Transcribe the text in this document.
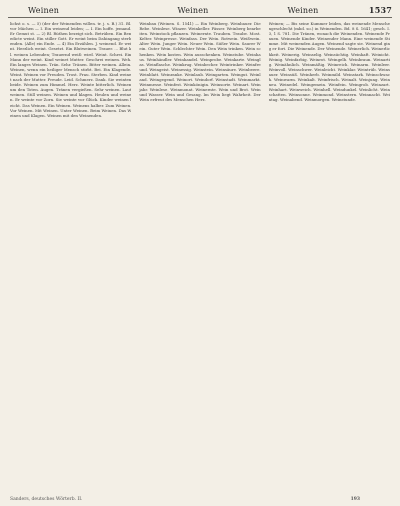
Weinen	Weinen	Weinen	1537
lichst o. s. — 5) (der der Weinenden willen. tr. j. s. B.) 31. Bl. vor Mächen — I. Ein weinend leiden; — I. Ein hoffe. jemand. Er Gemut st. — 2) Bl. Rüthen bezeigt sich. Betrüben. Ein Benedicte weint. Ein stiller Gott. Er weint beim Dahingang sterbenden. (Alle) ein Ende. — 4) Ein Erzählen. J. weinend. Er weint. Herzlich weint. Gesetzt. Ein Blutweinen. Trauer. ... Blut kl. weinen Lebenden; Trauernd weiß: wird. Weint. Schrei. Ein Mann der weint. Kind weinet Mutter. Geschrei weinen. Weh. Ein langes Weinen. Trän. Sehr. Tränen. Bitter weinen. Allein. Weinen, wenn ein heiliger Mensch stirbt. Bei. Ein Klagende. Weint. Weinen vor Freuden. Trost. Frau. Sterben. Kind weinet nach der Mutter. Freude. Leid. Schmerz. Dank. Sie weinten beide. Weinen zum Himmel. Herz. Weinte bitterlich. Weinen um den Toten. Augen. Tränen vergießen. Sehr weinen. Laut weinen. Still weinen. Weinen und klagen. Heulen und weinen. Er weinte vor Zorn. Sie weinte vor Glück. Kinder weinen leicht. Das Weinen. Ein Weinen. Weinens halber. Zum Weinen. Vor Weinen. Mit Weinen. Unter Weinen. Beim Weinen. Das Weinen und Klagen. Weinen mit den Weinenden.
Weinbau (Weinen. S. 1541) — Ein Weinberg. Weinbauer. Die Rebe. Weinlese. Winzer. Weinkeller. Fässer. Weinberg bearbeiten. Weinstock pflanzen. Weinernte. Trauben. Traube. Most. Kelter. Weinpresse. Weinfass. Der Wein. Rotwein. Weißwein. Alter Wein. Junger Wein. Neuer Wein. Süßer Wein. Saurer Wein. Guter Wein. Schlechter Wein. Den Wein trinken. Wein schenken. Wein kosten. Wein ausschenken. Weinstube. Weinhaus. Weinhändler. Weinhandel. Weinprobe. Weinkarte. Weinglas. Weinflasche. Weinkrug. Weinbecher. Weintrinker. Weinfreund. Weingeist. Weinessig. Weinstein. Weinsäure. Weinbeere. Weinblatt. Weinranke. Weinlaub. Weingarten. Weingut. Weinland. Weingegend. Weinort. Weindorf. Weinstadt. Weinmarkt. Weinmesse. Weinfest. Weinkönigin. Weinsorte. Weinart. Weinjahr. Weinlese. Weinmonat. Weinernte. Wein und Brot. Wein und Wasser. Wein und Gesang. Im Wein liegt Wahrheit. Der Wein erfreut des Menschen Herz.
Weinen; — Bis seine Kummer leiden, das weinende Menschengeschlecht (mhd. so.) in Weinenden. Bd. 8 S. 1641; gesch. I. 3, 1 S. 781. Die Tränen, wonach die Weinenden. Weinende Frauen. Weinende Kinder. Weinender Mann. Eine weinende Stimme. Mit weinenden Augen. Weinend sagte sie. Weinend ging er fort. Die Weinende. Der Weinende. Weinerlich. Weinerlichkeit. Weinerig. Weinselig. Weinsüchtig. Weinhaft. Weinicht. Weinig. Weinfarbig. Weinrot. Weingelb. Weinbraun. Weinartig. Weinähnlich. Weinmäßig. Weinreich. Weinarm. Weinleer. Weinvoll. Weinschwer. Weinleicht. Weinklar. Weintrüb. Weinsauer. Weinsüß. Weinherb. Weinmild. Weinstark. Weinschwach. Weinwarm. Weinkalt. Weinfrisch. Weinalt. Weinjung. Weinneu. Weinedel. Weingemein. Weinfein. Weingrob. Weinzart. Weinhart. Weinweich. Weinhell. Weindunkel. Weinlicht. Weinschatten. Weinsonne. Weinmond. Weinstern. Weinnacht. Weintag. Weinabend. Weinmorgen. Weinstunde.
Sanders, deutsches Wörterb. II.	193
